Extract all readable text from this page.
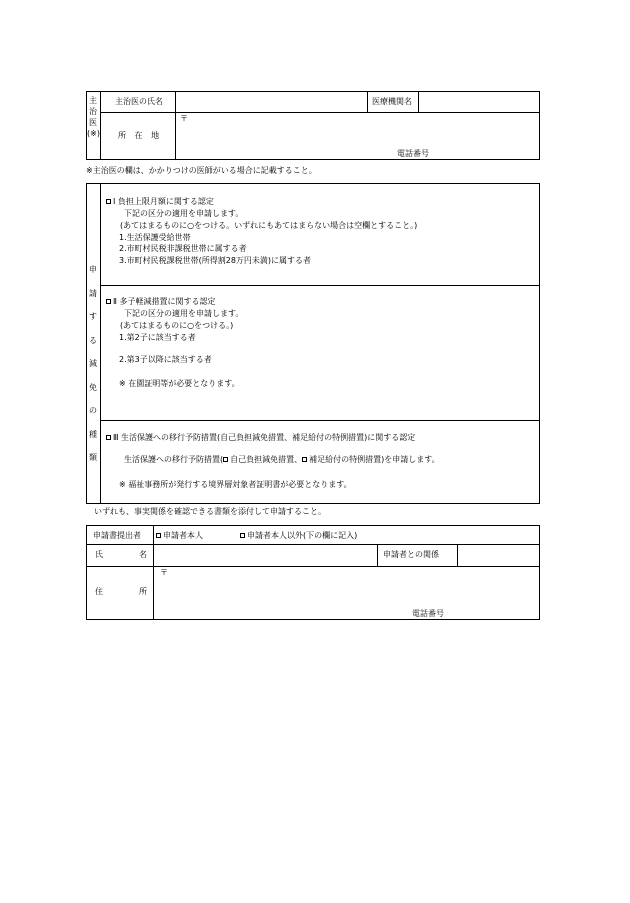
主治医(※)
主治医の氏名	医療機関名
所 在 地
〒
電話番号
※主治医の欄は、かかりつけの医師がいる場合に記載すること。
申請する減免の種類
Ⅰ 負担上限月額に関する認定
下記の区分の適用を申請します。
(あてはまるものに○をつける。いずれにもあてはまらない場合は空欄とすること。)
1.生活保護受給世帯
2.市町村民税非課税世帯に属する者
3.市町村民税課税世帯(所得割28万円未満)に属する者
Ⅱ 多子軽減措置に関する認定
下記の区分の適用を申請します。
(あてはまるものに○をつける。)
1.第2子に該当する者
2.第3子以降に該当する者
※ 在園証明等が必要となります。
Ⅲ 生活保護への移行予防措置(自己負担減免措置、補足給付の特例措置)に関する認定
生活保護への移行予防措置( 自己負担減免措置、 補足給付の特例措置)を申請します。
※ 福祉事務所が発行する境界層対象者証明書が必要となります。
いずれも、事実関係を確認できる書類を添付して申請すること。
申請書提出者	申請者本人	申請者本人以外(下の欄に記入)
氏 名	申請者との関係
住 所
〒
電話番号
